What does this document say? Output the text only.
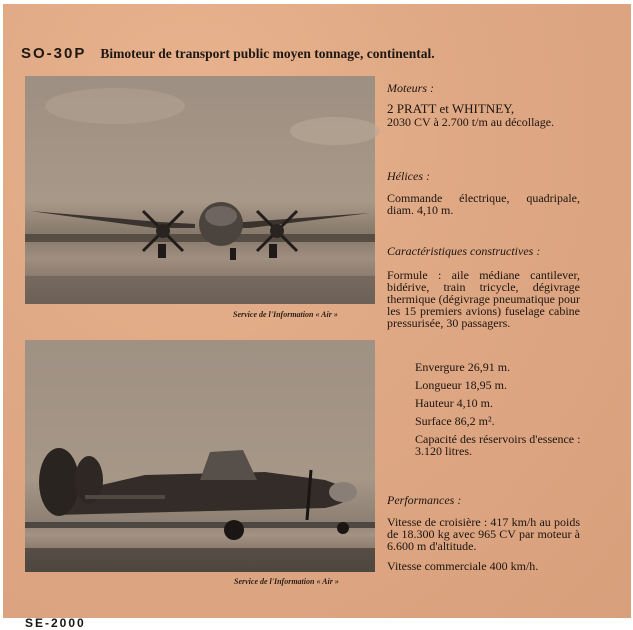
SO-30P Bimoteur de transport public moyen tonnage, continental.
Service de l'Information « Air »
Service de l'Information « Air »
Moteurs :
2 PRATT et WHITNEY,
2030 CV à 2.700 t/m au décollage.
Hélices :
Commande électrique, quadripale, diam. 4,10 m.
Caractéristiques constructives :
Formule : aile médiane cantilever, bidérive, train tricycle, dégivrage thermique (dégivrage pneumatique pour les 15 premiers avions) fuselage cabine pressurisée, 30 passagers.
Envergure 26,91 m.
Longueur 18,95 m.
Hauteur 4,10 m.
Surface 86,2 m².
Capacité des réservoirs d'essence : 3.120 litres.
Performances :
Vitesse de croisière : 417 km/h au poids de 18.300 kg avec 965 CV par moteur à 6.600 m d'altitude.
Vitesse commerciale 400 km/h.
SE-2000
